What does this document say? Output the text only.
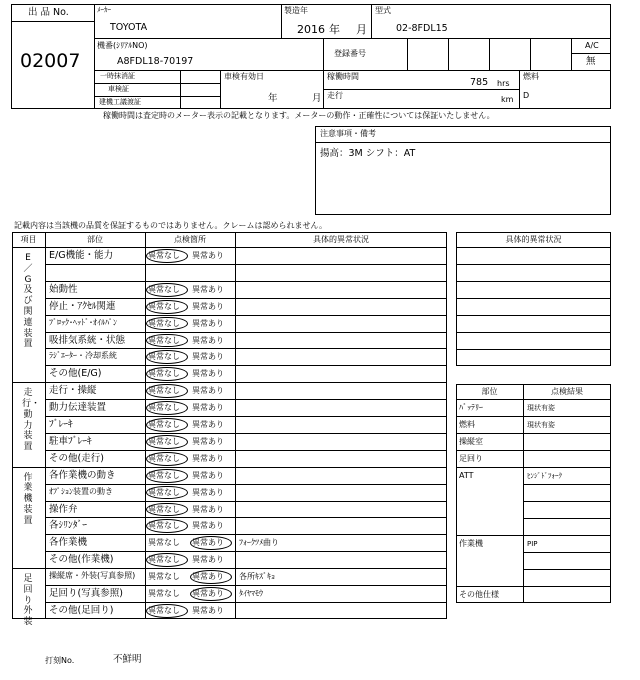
出 品 No.
02007
ﾒｰｶｰ
TOYOTA
製造年
2016 年 月
型式
02-8FDL15
機番(ｼﾘｱﾙNO)
A8FDL18-70197
登録番号
A/C
無
一時抹消証
車検証
建機工議渡証
車検有効日
年	月
稼働時間
785 hrs
走行	km
燃料
D
稼働時間は査定時のメーター表示の記載となります。メーターの動作・正確性については保証いたしません。
注意事項・備考
揚高：3M シフト：AT
記載内容は当該機の品質を保証するものではありません。クレームは認められません。
項目	部位	点検箇所	具体的異常状況
E/G機能・能力	異常なし 異常あり
始動性	異常なし 異常あり
停止・ｱｸｾﾙ関連	異常なし 異常あり
ﾌﾞﾛｯｸ･ﾍｯﾄﾞ･ｵｲﾙﾊﾟﾝ	異常なし 異常あり
吸排気系統・状態	異常なし 異常あり
ﾗｼﾞｴｰﾀｰ・冷却系統	異常なし 異常あり
その他(E/G)	異常なし 異常あり
E／G及び関連装置
走行・操縦	異常なし 異常あり
動力伝達装置	異常なし 異常あり
ﾌﾞﾚｰｷ	異常なし 異常あり
駐車ﾌﾞﾚｰｷ	異常なし 異常あり
その他(走行)	異常なし 異常あり
走行・動力装置
各作業機の動き	異常なし 異常あり
ｵﾌﾟｼｮﾝ装置の動き	異常なし 異常あり
操作弁	異常なし 異常あり
各ｼﾘﾝﾀﾞｰ	異常なし 異常あり
各作業機	異常なし 異常あり ﾌｫｰｸﾂﾒ曲り
その他(作業機)	異常なし 異常あり
作業機装置
操縦席・外装(写真参照) 異常なし 異常あり 各所ｷｽﾞｷｮ
足回り(写真参照)	異常なし 異常あり ﾀｲﾔﾏﾓｳ
その他(足回り)	異常なし 異常あり
足回り外装
具体的異常状況
部位	点検結果
ﾊﾞｯﾃﾘｰ	現状有姿
燃料	現状有姿
操縦室
足回り
ATT	ﾋﾝｼﾞﾄﾞﾌｫｰｸ
作業機	PIP
その他仕様
打刻No.	不鮮明
